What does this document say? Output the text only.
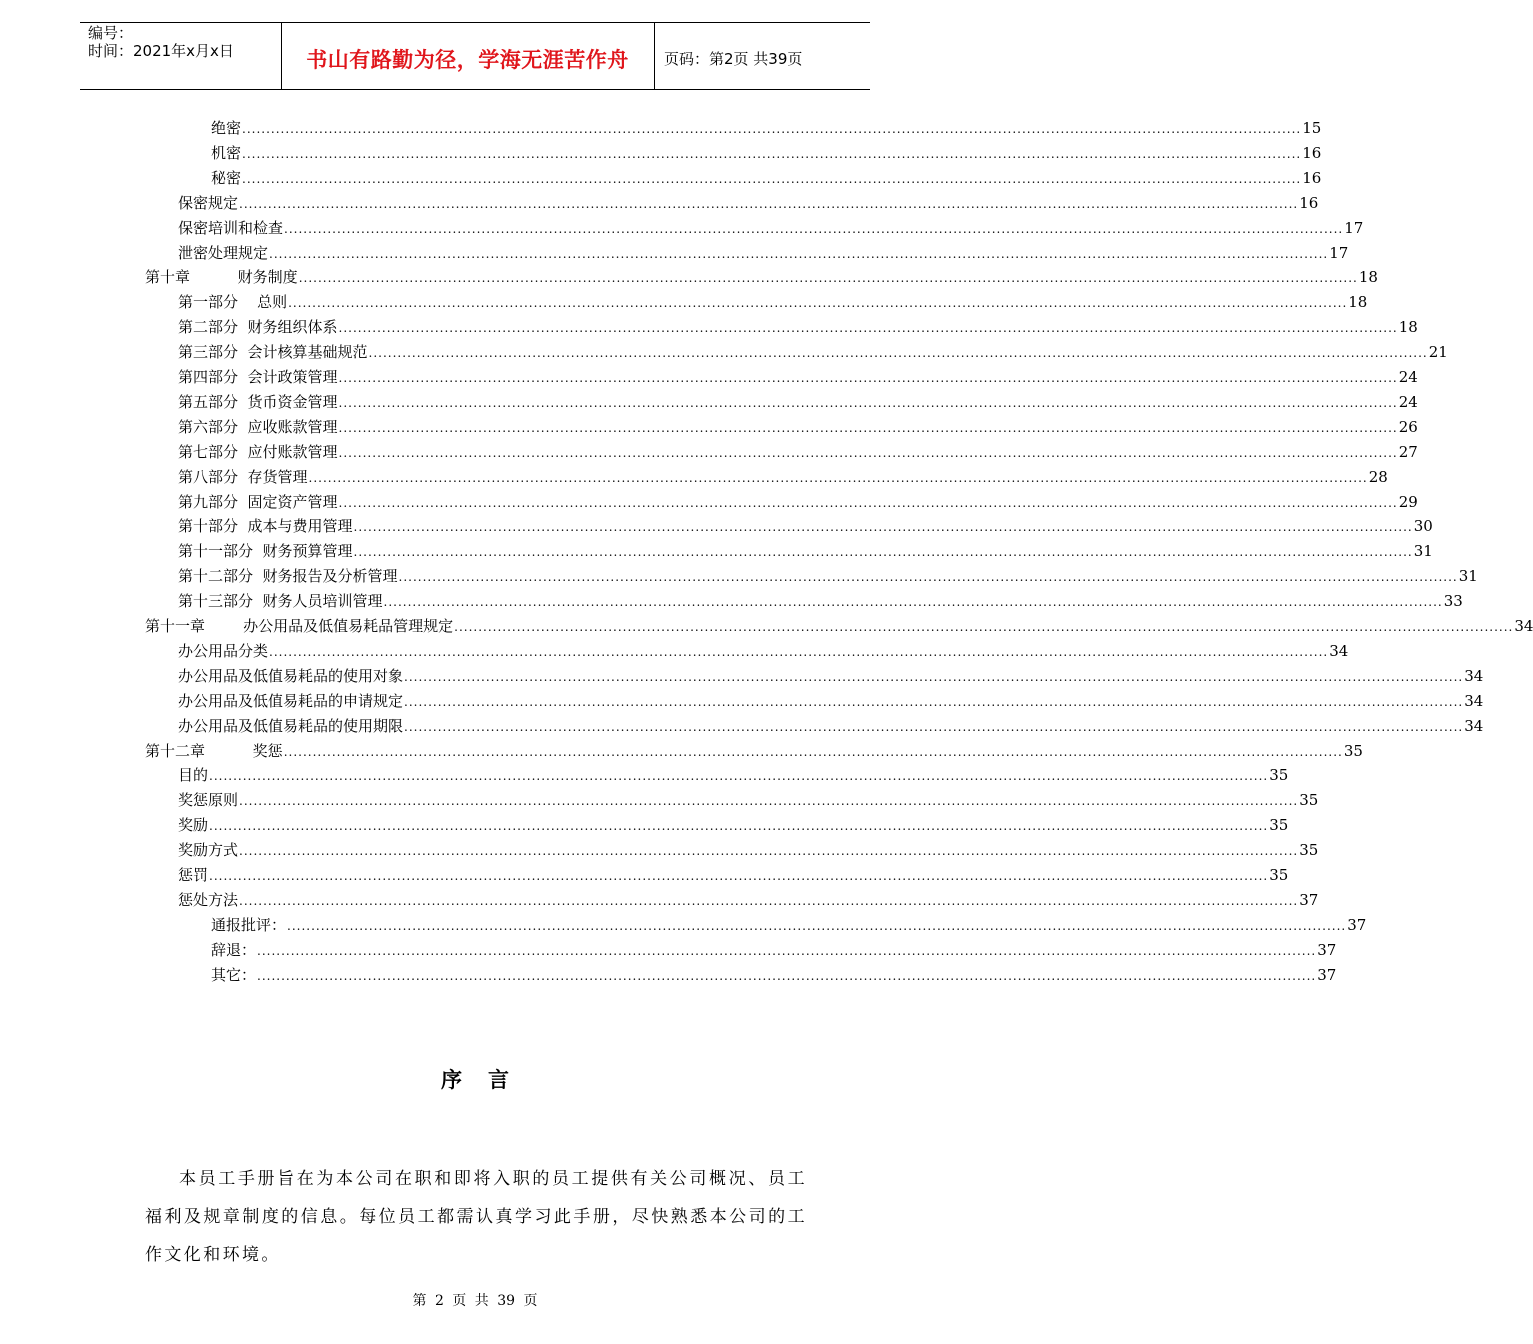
编号：
时间：2021年x月x日	书山有路勤为径，学海无涯苦作舟	页码：第2页 共39页
绝密 ............................................................................................................................................................................................................................ 15
机密 ............................................................................................................................................................................................................................ 16
秘密 ............................................................................................................................................................................................................................ 16
保密规定 ............................................................................................................................................................................................................................ 16
保密培训和检查 ............................................................................................................................................................................................................................ 17
泄密处理规定 ............................................................................................................................................................................................................................ 17
第十章          财务制度 ............................................................................................................................................................................................................................ 18
第一部分    总则 ............................................................................................................................................................................................................................ 18
第二部分  财务组织体系 ............................................................................................................................................................................................................................ 18
第三部分  会计核算基础规范 ............................................................................................................................................................................................................................ 21
第四部分  会计政策管理 ............................................................................................................................................................................................................................ 24
第五部分  货币资金管理 ............................................................................................................................................................................................................................ 24
第六部分  应收账款管理 ............................................................................................................................................................................................................................ 26
第七部分  应付账款管理 ............................................................................................................................................................................................................................ 27
第八部分  存货管理 ............................................................................................................................................................................................................................ 28
第九部分  固定资产管理 ............................................................................................................................................................................................................................ 29
第十部分  成本与费用管理 ............................................................................................................................................................................................................................ 30
第十一部分  财务预算管理 ............................................................................................................................................................................................................................ 31
第十二部分  财务报告及分析管理 ............................................................................................................................................................................................................................ 31
第十三部分  财务人员培训管理 ............................................................................................................................................................................................................................ 33
第十一章        办公用品及低值易耗品管理规定 ............................................................................................................................................................................................................................ 34
办公用品分类 ............................................................................................................................................................................................................................ 34
办公用品及低值易耗品的使用对象 ............................................................................................................................................................................................................................ 34
办公用品及低值易耗品的申请规定 ............................................................................................................................................................................................................................ 34
办公用品及低值易耗品的使用期限 ............................................................................................................................................................................................................................ 34
第十二章          奖惩 ............................................................................................................................................................................................................................ 35
目的 ............................................................................................................................................................................................................................ 35
奖惩原则 ............................................................................................................................................................................................................................ 35
奖励 ............................................................................................................................................................................................................................ 35
奖励方式 ............................................................................................................................................................................................................................ 35
惩罚 ............................................................................................................................................................................................................................ 35
惩处方法 ............................................................................................................................................................................................................................ 37
通报批评： ............................................................................................................................................................................................................................ 37
辞退： ............................................................................................................................................................................................................................ 37
其它： ............................................................................................................................................................................................................................ 37
序言
本员工手册旨在为本公司在职和即将入职的员工提供有关公司概况、员工福利及规章制度的信息。每位员工都需认真学习此手册，尽快熟悉本公司的工作文化和环境。
第 2 页 共 39 页
